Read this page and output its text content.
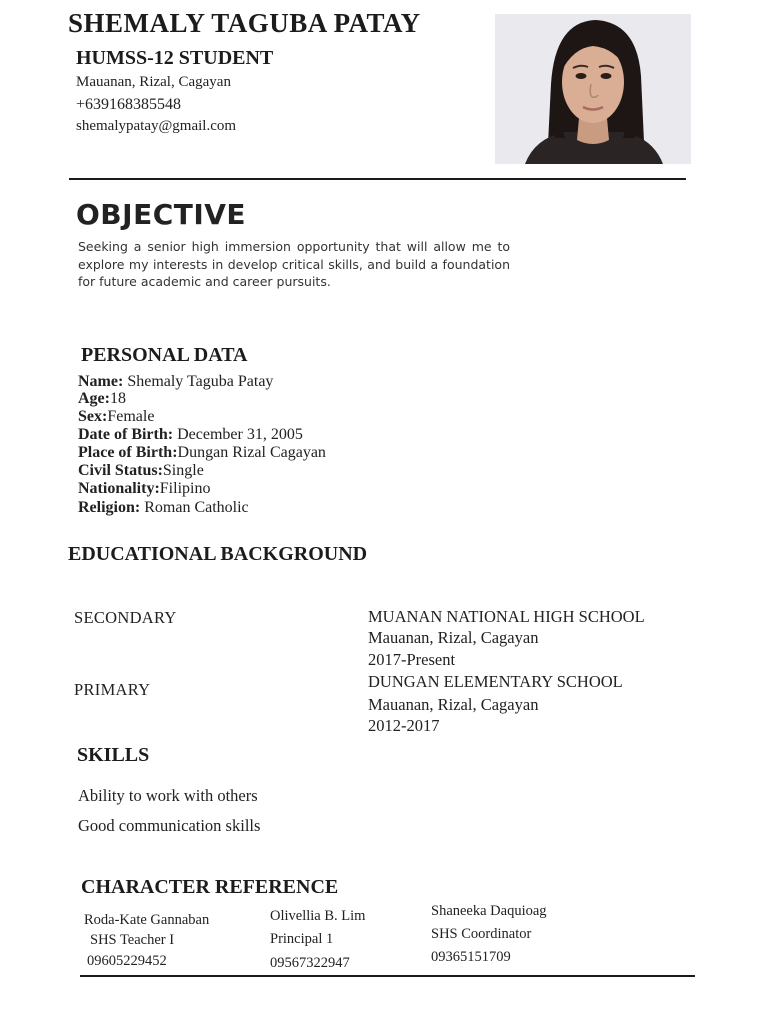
SHEMALY TAGUBA PATAY
HUMSS-12 STUDENT
Mauanan, Rizal, Cagayan
+639168385548
shemalypatay@gmail.com
OBJECTIVE

Seeking a senior high immersion opportunity that will allow me to explore my interests in develop critical skills, and build a foundation for future academic and career pursuits.

PERSONAL DATA
Name: Shemaly Taguba Patay
Age:18
Sex:Female
Date of Birth: December 31, 2005
Place of Birth:Dungan Rizal Cagayan
Civil Status:Single
Nationality:Filipino
Religion: Roman Catholic
EDUCATIONAL BACKGROUND
SECONDARY	MUANAN NATIONAL HIGH SCHOOL
Mauanan, Rizal, Cagayan
2017-Present
PRIMARY	DUNGAN ELEMENTARY SCHOOL
Mauanan, Rizal, Cagayan
2012-2017
SKILLS
Ability to work with others
Good communication skills
CHARACTER REFERENCE
Roda-Kate Gannaban
SHS Teacher I
09605229452
Olivellia B. Lim
Principal 1
09567322947
Shaneeka Daquioag
SHS Coordinator
09365151709
